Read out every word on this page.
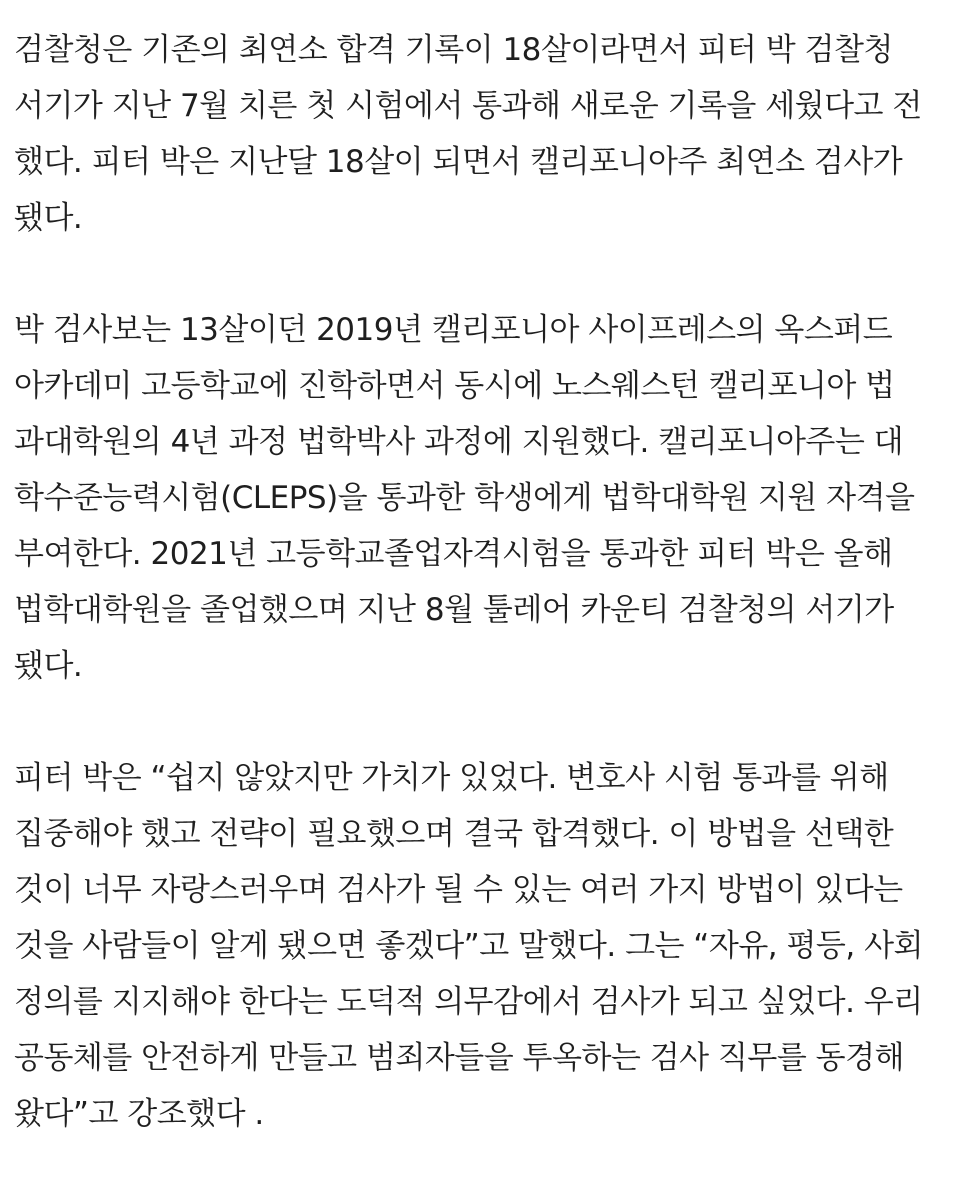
검찰청은 기존의 최연소 합격 기록이 18살이라면서 피터 박 검찰청
서기가 지난 7월 치른 첫 시험에서 통과해 새로운 기록을 세웠다고 전
했다. 피터 박은 지난달 18살이 되면서 캘리포니아주 최연소 검사가
됐다.

박 검사보는 13살이던 2019년 캘리포니아 사이프레스의 옥스퍼드
아카데미 고등학교에 진학하면서 동시에 노스웨스턴 캘리포니아 법
과대학원의 4년 과정 법학박사 과정에 지원했다. 캘리포니아주는 대
학수준능력시험(CLEPS)을 통과한 학생에게 법학대학원 지원 자격을
부여한다. 2021년 고등학교졸업자격시험을 통과한 피터 박은 올해
법학대학원을 졸업했으며 지난 8월 툴레어 카운티 검찰청의 서기가
됐다.

피터 박은 “쉽지 않았지만 가치가 있었다. 변호사 시험 통과를 위해
집중해야 했고 전략이 필요했으며 결국 합격했다. 이 방법을 선택한
것이 너무 자랑스러우며 검사가 될 수 있는 여러 가지 방법이 있다는
것을 사람들이 알게 됐으면 좋겠다”고 말했다. 그는 “자유, 평등, 사회
정의를 지지해야 한다는 도덕적 의무감에서 검사가 되고 싶었다. 우리
공동체를 안전하게 만들고 범죄자들을 투옥하는 검사 직무를 동경해
왔다”고 강조했다 .
